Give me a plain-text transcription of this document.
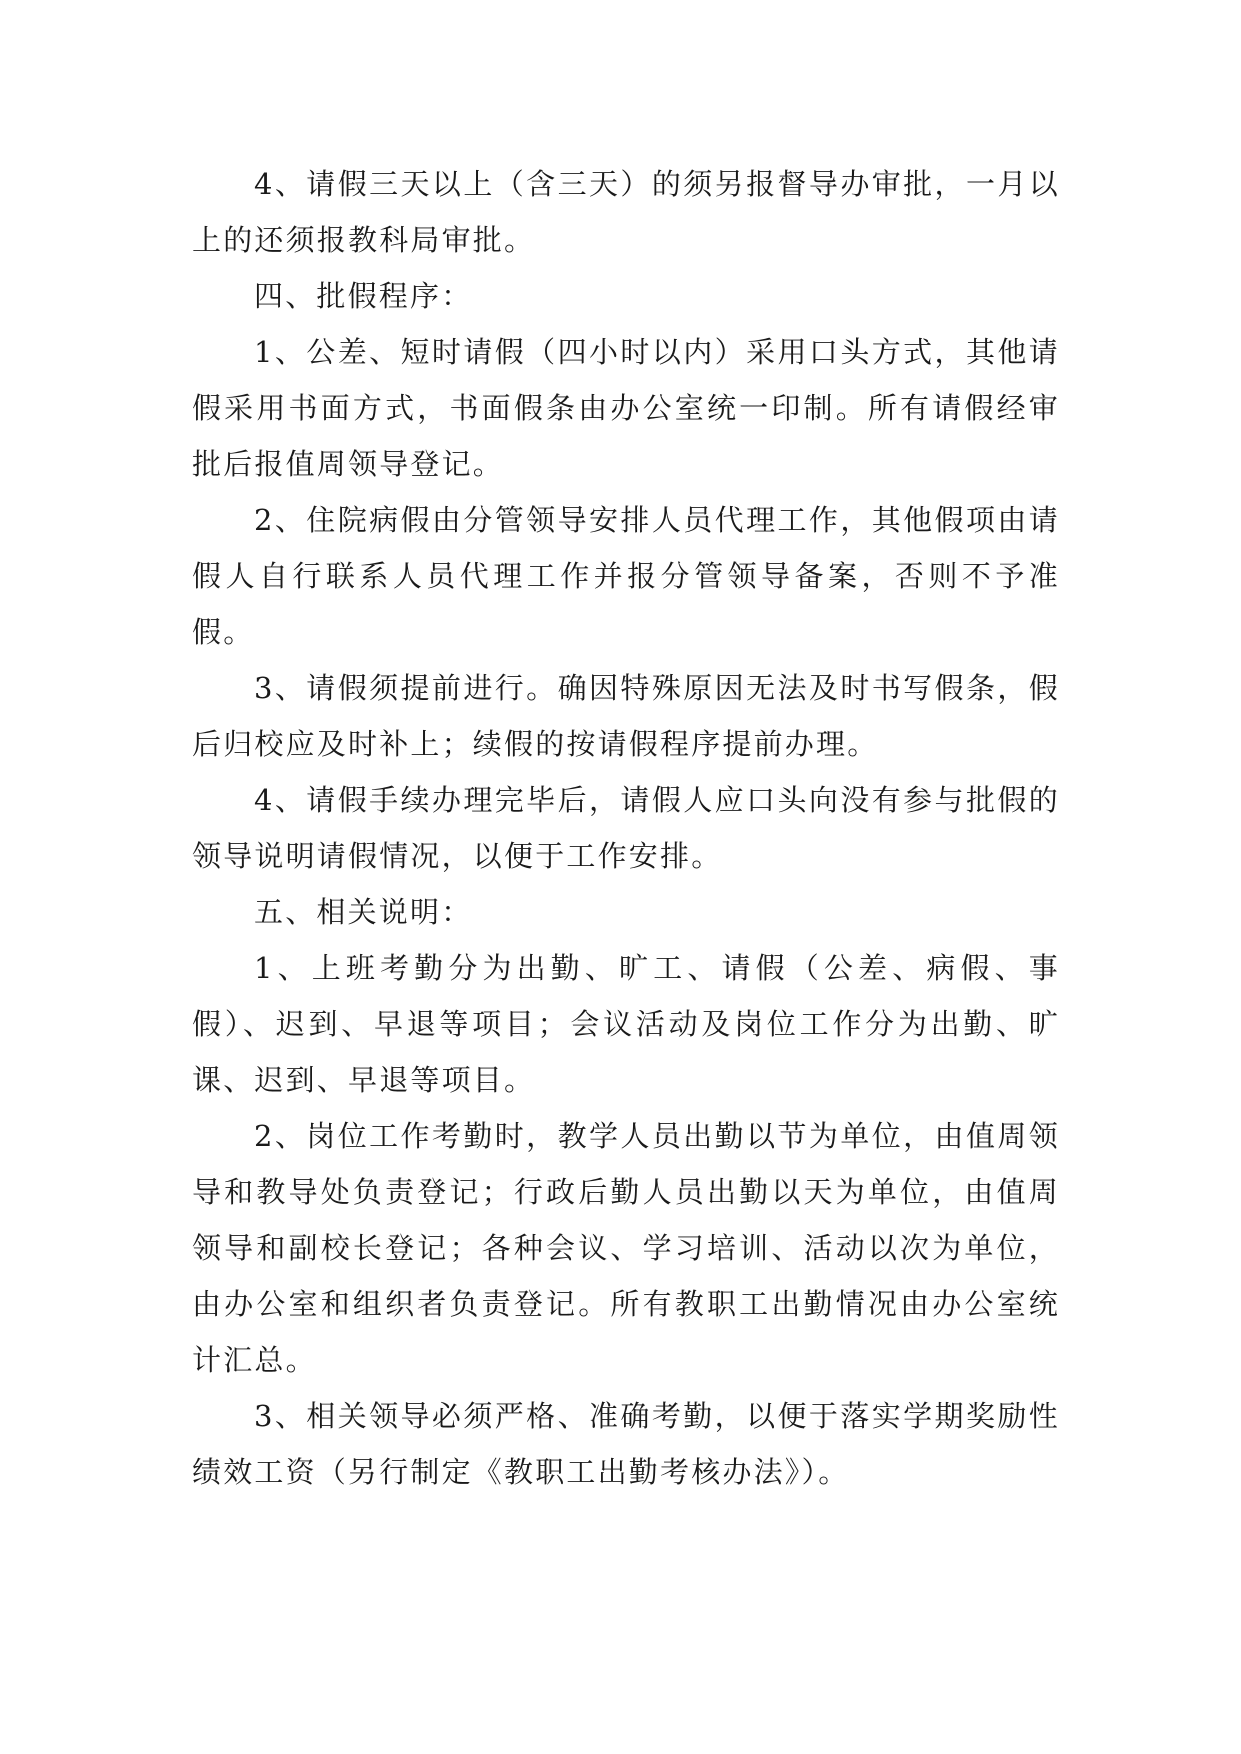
4、请假三天以上（含三天）的须另报督导办审批，一月以上的还须报教科局审批。

四、批假程序：

1、公差、短时请假（四小时以内）采用口头方式，其他请假采用书面方式，书面假条由办公室统一印制。所有请假经审批后报值周领导登记。

2、住院病假由分管领导安排人员代理工作，其他假项由请假人自行联系人员代理工作并报分管领导备案，否则不予准假。

3、请假须提前进行。确因特殊原因无法及时书写假条，假后归校应及时补上；续假的按请假程序提前办理。

4、请假手续办理完毕后，请假人应口头向没有参与批假的领导说明请假情况，以便于工作安排。

五、相关说明：

1、上班考勤分为出勤、旷工、请假（公差、病假、事假）、迟到、早退等项目；会议活动及岗位工作分为出勤、旷课、迟到、早退等项目。

2、岗位工作考勤时，教学人员出勤以节为单位，由值周领导和教导处负责登记；行政后勤人员出勤以天为单位，由值周领导和副校长登记；各种会议、学习培训、活动以次为单位，由办公室和组织者负责登记。所有教职工出勤情况由办公室统计汇总。

3、相关领导必须严格、准确考勤，以便于落实学期奖励性绩效工资（另行制定《教职工出勤考核办法》）。
